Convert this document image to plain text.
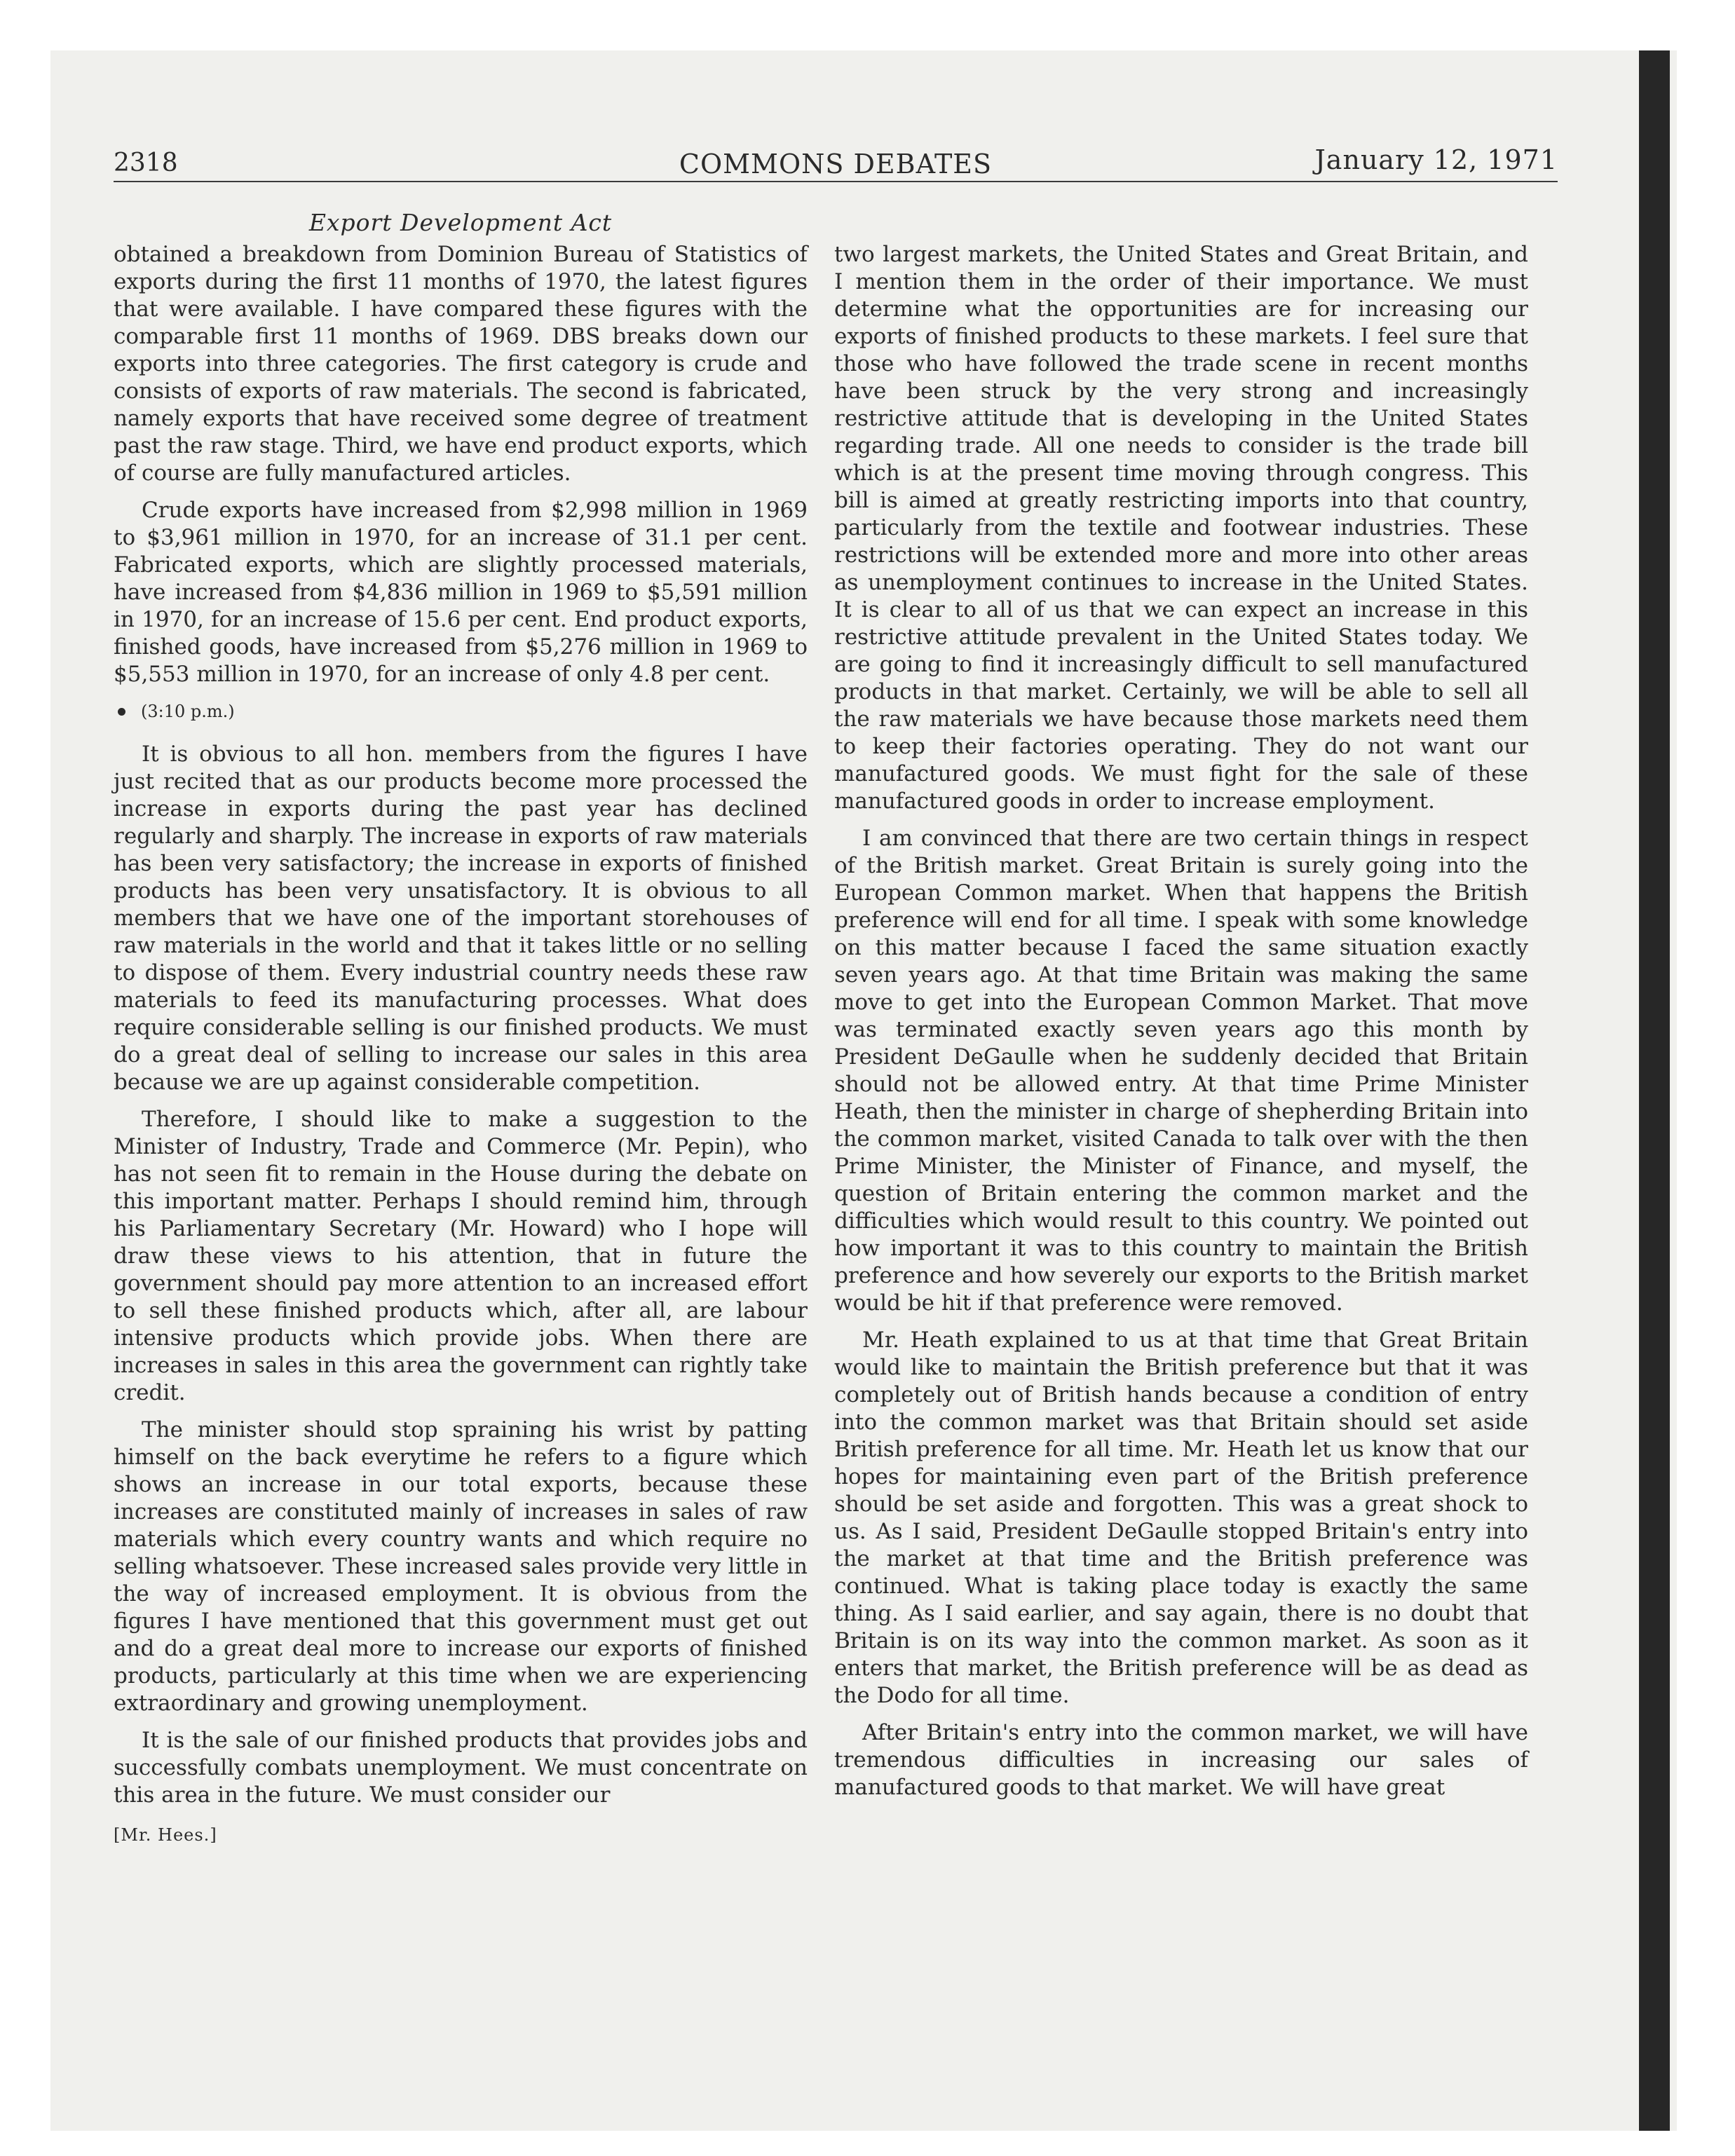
2318	COMMONS DEBATES	January 12, 1971
Export Development Act

obtained a breakdown from Dominion Bureau of Statistics of exports during the first 11 months of 1970, the latest figures that were available. I have compared these figures with the comparable first 11 months of 1969. DBS breaks down our exports into three categories. The first category is crude and consists of exports of raw materials. The second is fabricated, namely exports that have received some degree of treatment past the raw stage. Third, we have end product exports, which of course are fully manufactured articles.

Crude exports have increased from $2,998 million in 1969 to $3,961 million in 1970, for an increase of 31.1 per cent. Fabricated exports, which are slightly processed materials, have increased from $4,836 million in 1969 to $5,591 million in 1970, for an increase of 15.6 per cent. End product exports, finished goods, have increased from $5,276 million in 1969 to $5,553 million in 1970, for an increase of only 4.8 per cent.

(3:10 p.m.)

It is obvious to all hon. members from the figures I have just recited that as our products become more processed the increase in exports during the past year has declined regularly and sharply. The increase in exports of raw materials has been very satisfactory; the increase in exports of finished products has been very unsatisfactory. It is obvious to all members that we have one of the important storehouses of raw materials in the world and that it takes little or no selling to dispose of them. Every industrial country needs these raw materials to feed its manufacturing processes. What does require considerable selling is our finished products. We must do a great deal of selling to increase our sales in this area because we are up against considerable competition.

Therefore, I should like to make a suggestion to the Minister of Industry, Trade and Commerce (Mr. Pepin), who has not seen fit to remain in the House during the debate on this important matter. Perhaps I should remind him, through his Parliamentary Secretary (Mr. Howard) who I hope will draw these views to his attention, that in future the government should pay more attention to an increased effort to sell these finished products which, after all, are labour intensive products which provide jobs. When there are increases in sales in this area the government can rightly take credit.

The minister should stop spraining his wrist by patting himself on the back everytime he refers to a figure which shows an increase in our total exports, because these increases are constituted mainly of increases in sales of raw materials which every country wants and which require no selling whatsoever. These increased sales provide very little in the way of increased employment. It is obvious from the figures I have mentioned that this government must get out and do a great deal more to increase our exports of finished products, particularly at this time when we are experiencing extraordinary and growing unemployment.

It is the sale of our finished products that provides jobs and successfully combats unemployment. We must concentrate on this area in the future. We must consider our

[Mr. Hees.]

two largest markets, the United States and Great Britain, and I mention them in the order of their importance. We must determine what the opportunities are for increasing our exports of finished products to these markets. I feel sure that those who have followed the trade scene in recent months have been struck by the very strong and increasingly restrictive attitude that is developing in the United States regarding trade. All one needs to consider is the trade bill which is at the present time moving through congress. This bill is aimed at greatly restricting imports into that country, particularly from the textile and footwear industries. These restrictions will be extended more and more into other areas as unemployment continues to increase in the United States. It is clear to all of us that we can expect an increase in this restrictive attitude prevalent in the United States today. We are going to find it increasingly difficult to sell manufactured products in that market. Certainly, we will be able to sell all the raw materials we have because those markets need them to keep their factories operating. They do not want our manufactured goods. We must fight for the sale of these manufactured goods in order to increase employment.

I am convinced that there are two certain things in respect of the British market. Great Britain is surely going into the European Common market. When that happens the British preference will end for all time. I speak with some knowledge on this matter because I faced the same situation exactly seven years ago. At that time Britain was making the same move to get into the European Common Market. That move was terminated exactly seven years ago this month by President DeGaulle when he suddenly decided that Britain should not be allowed entry. At that time Prime Minister Heath, then the minister in charge of shepherding Britain into the common market, visited Canada to talk over with the then Prime Minister, the Minister of Finance, and myself, the question of Britain entering the common market and the difficulties which would result to this country. We pointed out how important it was to this country to maintain the British preference and how severely our exports to the British market would be hit if that preference were removed.

Mr. Heath explained to us at that time that Great Britain would like to maintain the British preference but that it was completely out of British hands because a condition of entry into the common market was that Britain should set aside British preference for all time. Mr. Heath let us know that our hopes for maintaining even part of the British preference should be set aside and forgotten. This was a great shock to us. As I said, President DeGaulle stopped Britain's entry into the market at that time and the British preference was continued. What is taking place today is exactly the same thing. As I said earlier, and say again, there is no doubt that Britain is on its way into the common market. As soon as it enters that market, the British preference will be as dead as the Dodo for all time.

After Britain's entry into the common market, we will have tremendous difficulties in increasing our sales of manufactured goods to that market. We will have great
